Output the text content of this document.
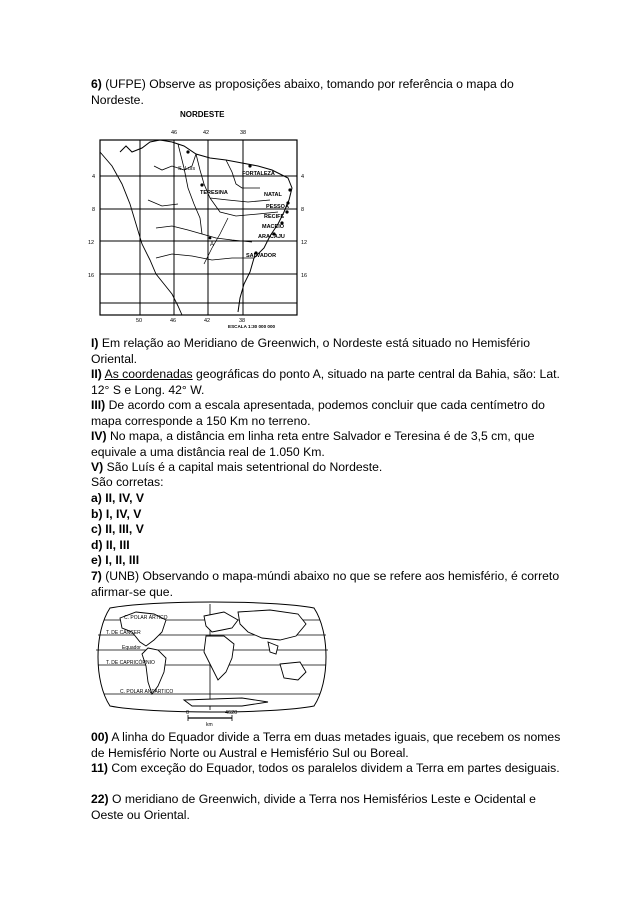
6) (UFPE) Observe as proposições abaixo, tomando por referência o mapa do Nordeste.
NORDESTE
46	42	38
S. Luís
FORTALEZA
TERESINA	NATAL
PESSOA
RECIFE
MACEIÓ
ARACAJU
SALVADOR
A
4
8
12
16
4
8
12
16
50	46	42	38
ESCALA 1:30 000 000
I) Em relação ao Meridiano de Greenwich, o Nordeste está situado no Hemisfério Oriental.
II) As coordenadas geográficas do ponto A, situado na parte central da Bahia, são: Lat. 12° S e Long. 42° W.
III) De acordo com a escala apresentada, podemos concluir que cada centímetro do mapa corresponde a 150 Km no terreno.
IV) No mapa, a distância em linha reta entre Salvador e Teresina é de 3,5 cm, que equivale a uma distância real de 1.050 Km.
V) São Luís é a capital mais setentrional do Nordeste.
São corretas:
a) II, IV, V
b) I, IV, V
c) II, III, V
d) II, III
e) I, II, III
7) (UNB) Observando o mapa-múndi abaixo no que se refere aos hemisfério, é correto afirmar-se que.
C. POLAR ÁRTICO
T. DE CÂNCER
Equador
T. DE CAPRICÓRNIO
C. POLAR ANTÁRTICO
0	4620
km
00) A linha do Equador divide a Terra em duas metades iguais, que recebem os nomes de Hemisfério Norte ou Austral e Hemisfério Sul ou Boreal.
11) Com exceção do Equador, todos os paralelos dividem a Terra em partes desiguais.
22) O meridiano de Greenwich, divide a Terra nos Hemisférios Leste e Ocidental e Oeste ou Oriental.
